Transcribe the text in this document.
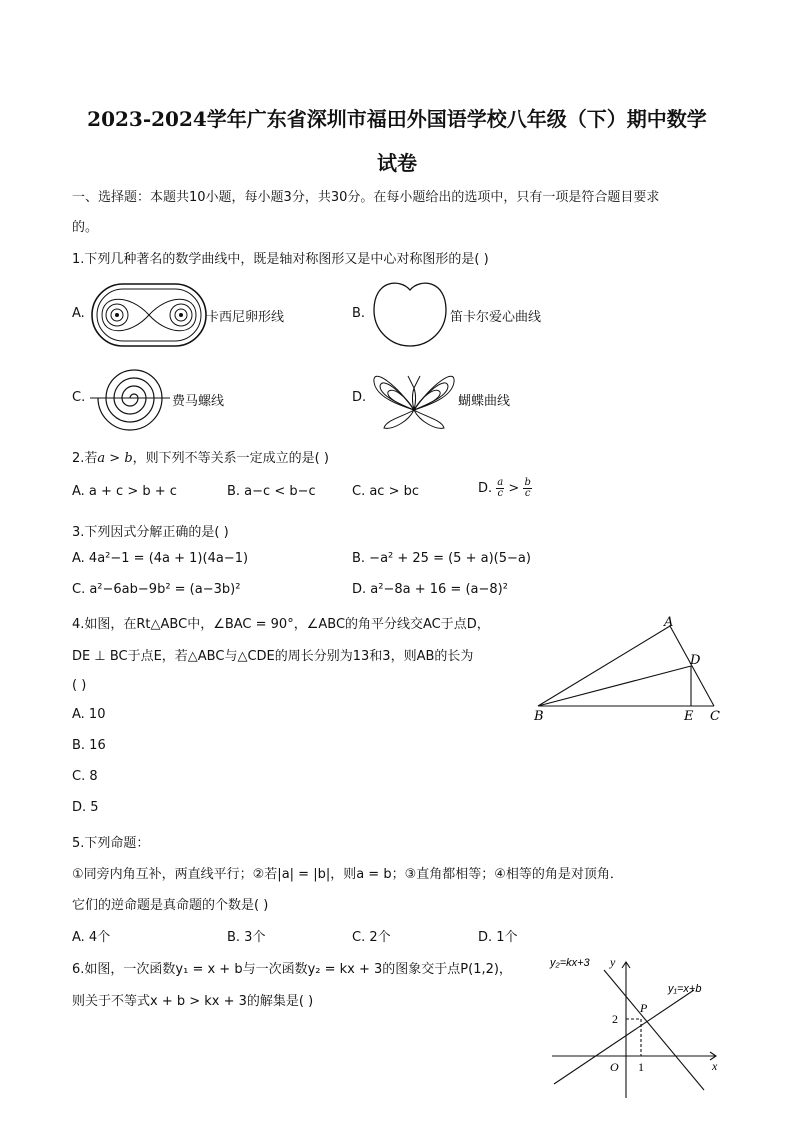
2023-2024学年广东省深圳市福田外国语学校八年级（下）期中数学
试卷
一、选择题：本题共10小题，每小题3分，共30分。在每小题给出的选项中，只有一项是符合题目要求
的。
1.下列几种著名的数学曲线中，既是轴对称图形又是中心对称图形的是( )
A.	卡西尼卵形线	B.	笛卡尔爱心曲线
C.	费马螺线	D.	蝴蝶曲线
2.若a > b，则下列不等关系一定成立的是( )
A. a + c > b + c	B. a−c < b−c	C. ac > bc	D. $\frac{a}{c} > \frac{b}{c}$
3.下列因式分解正确的是( )
A. 4a²−1 = (4a + 1)(4a−1)	B. −a² + 25 = (5 + a)(5−a)
C. a²−6ab−9b² = (a−3b)²	D. a²−8a + 16 = (a−8)²
4.如图，在Rt△ABC中，∠BAC = 90°，∠ABC的角平分线交AC于点D，
DE ⊥ BC于点E，若△ABC与△CDE的周长分别为13和3，则AB的长为
( )
A. 10
B. 16
C. 8
D. 5
A
B	C
D
E
5.下列命题：
①同旁内角互补，两直线平行；②若|a| = |b|，则a = b；③直角都相等；④相等的角是对顶角．
它们的逆命题是真命题的个数是( )
A. 4个	B. 3个	C. 2个	D. 1个
6.如图，一次函数y₁ = x + b与一次函数y₂ = kx + 3的图象交于点P(1,2)，
则关于不等式x + b > kx + 3的解集是( )
y₂=kx+3
y₁=x+b
y
x
P
2
1
O
